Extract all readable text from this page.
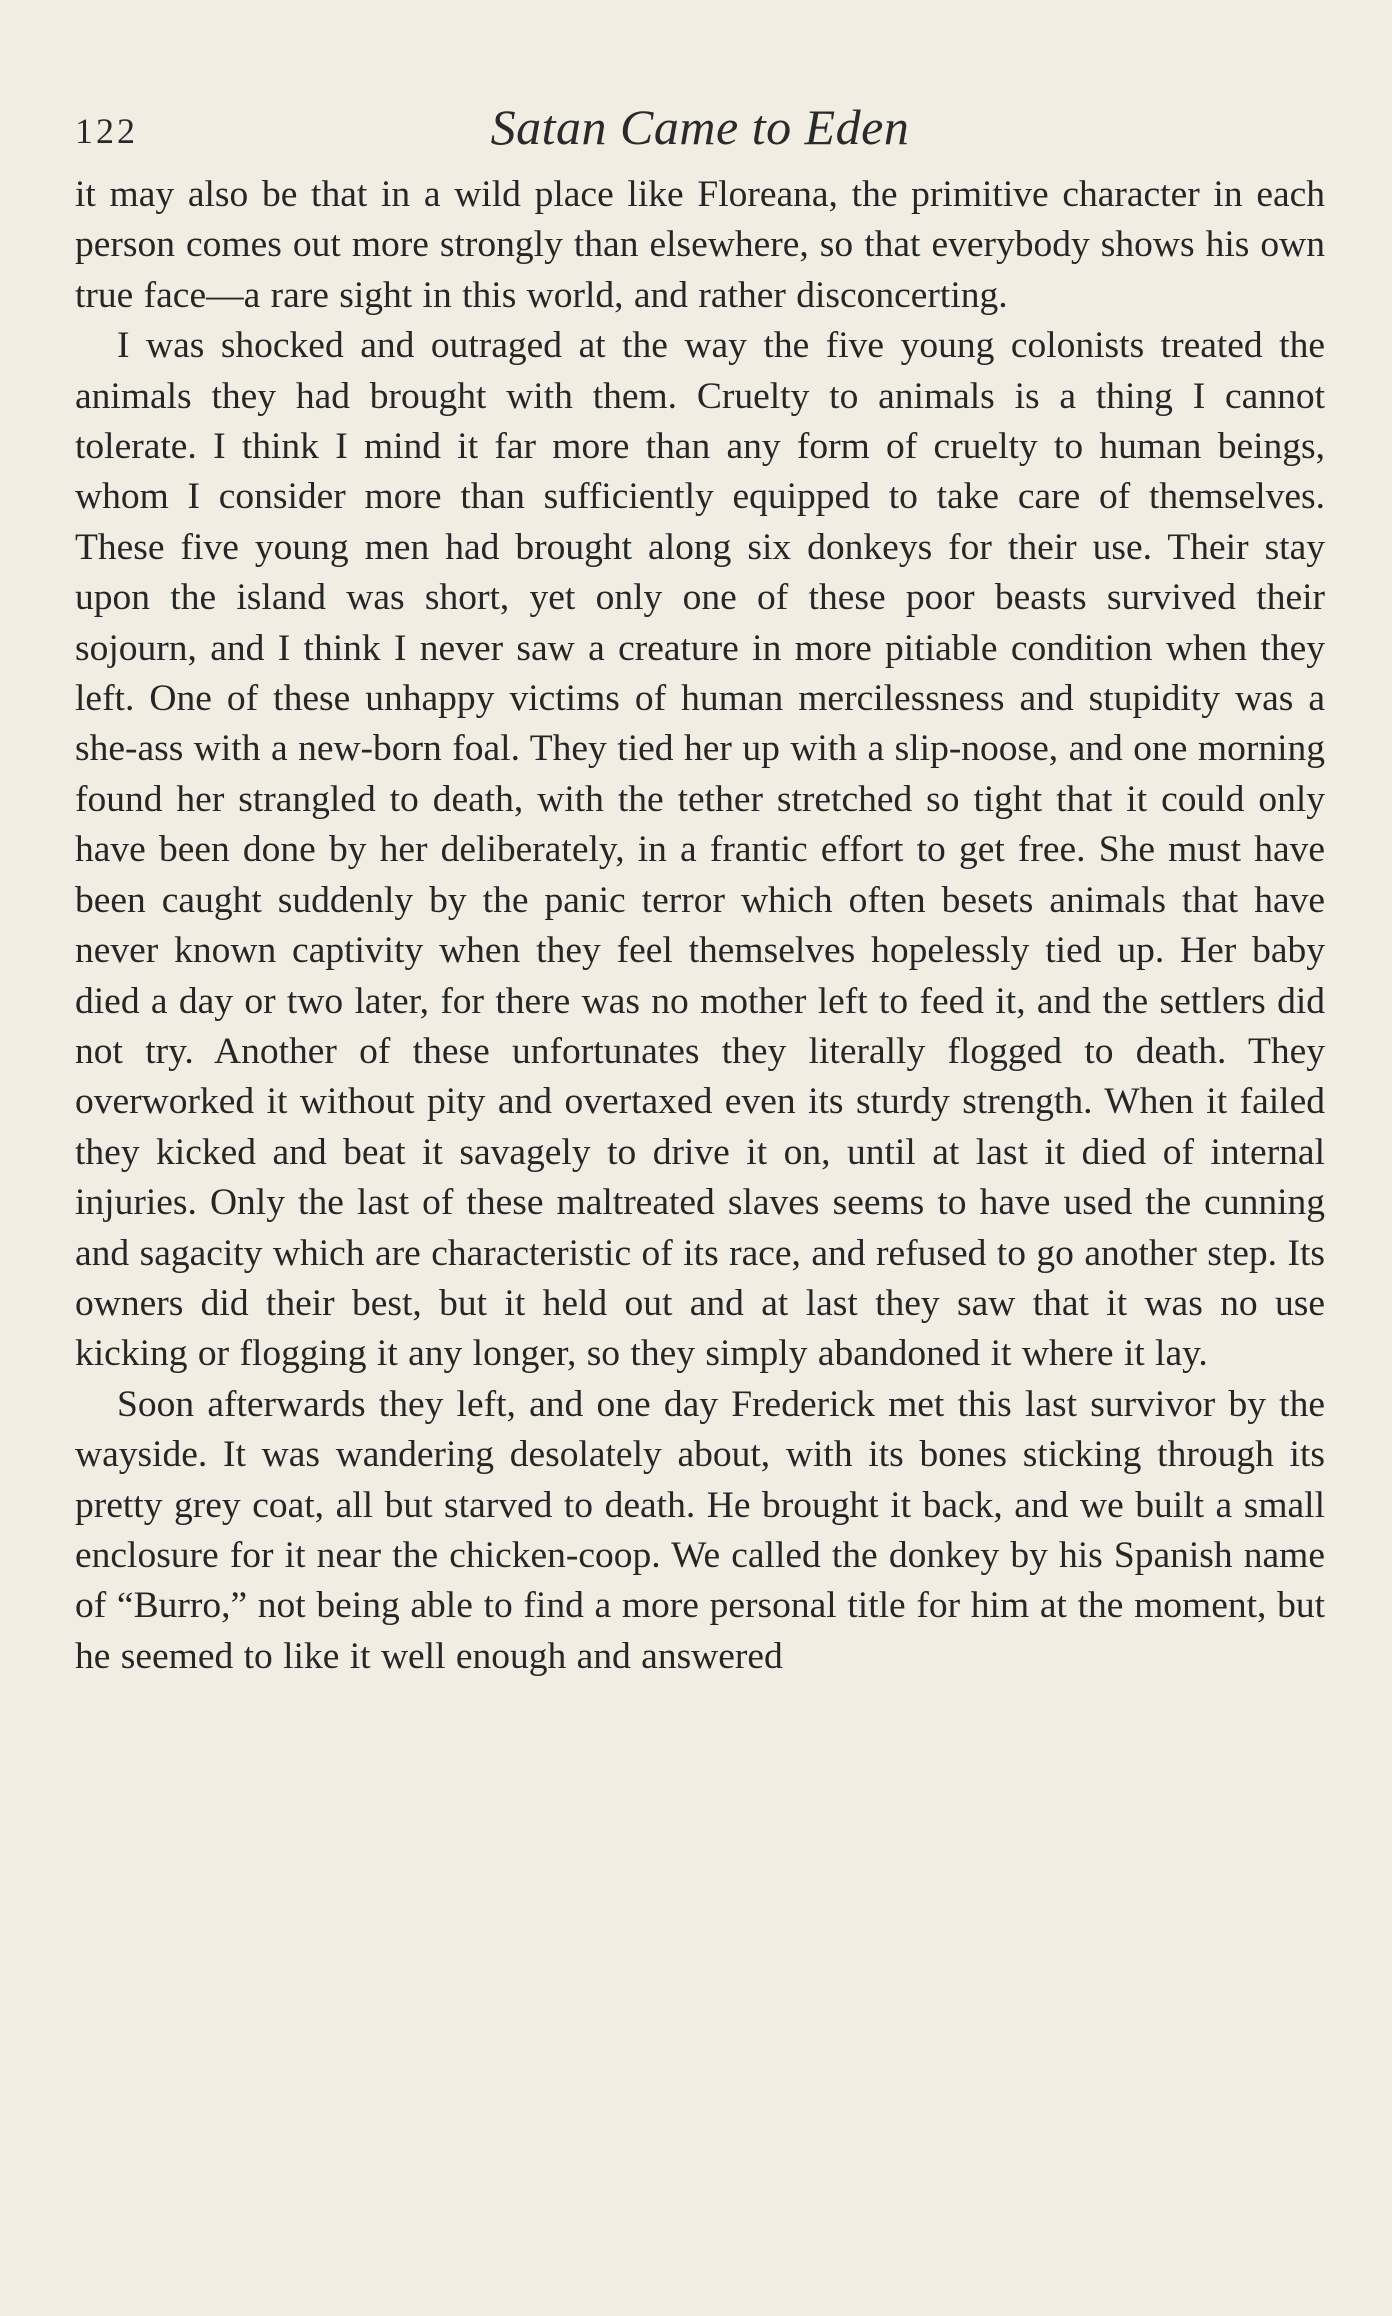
122	Satan Came to Eden

it may also be that in a wild place like Floreana, the primitive character in each person comes out more strongly than elsewhere, so that everybody shows his own true face—a rare sight in this world, and rather disconcerting.

I was shocked and outraged at the way the five young colonists treated the animals they had brought with them. Cruelty to animals is a thing I cannot tolerate. I think I mind it far more than any form of cruelty to human beings, whom I consider more than sufficiently equipped to take care of themselves. These five young men had brought along six donkeys for their use. Their stay upon the island was short, yet only one of these poor beasts survived their sojourn, and I think I never saw a creature in more pitiable condition when they left. One of these unhappy victims of human mercilessness and stupidity was a she-ass with a new-born foal. They tied her up with a slip-noose, and one morning found her strangled to death, with the tether stretched so tight that it could only have been done by her deliberately, in a frantic effort to get free. She must have been caught suddenly by the panic terror which often besets animals that have never known captivity when they feel themselves hopelessly tied up. Her baby died a day or two later, for there was no mother left to feed it, and the settlers did not try. Another of these unfortunates they literally flogged to death. They overworked it without pity and overtaxed even its sturdy strength. When it failed they kicked and beat it savagely to drive it on, until at last it died of internal injuries. Only the last of these maltreated slaves seems to have used the cunning and sagacity which are characteristic of its race, and refused to go another step. Its owners did their best, but it held out and at last they saw that it was no use kicking or flogging it any longer, so they simply abandoned it where it lay.

Soon afterwards they left, and one day Frederick met this last survivor by the wayside. It was wandering desolately about, with its bones sticking through its pretty grey coat, all but starved to death. He brought it back, and we built a small enclosure for it near the chicken-coop. We called the donkey by his Spanish name of “Burro,” not being able to find a more personal title for him at the moment, but he seemed to like it well enough and answered
